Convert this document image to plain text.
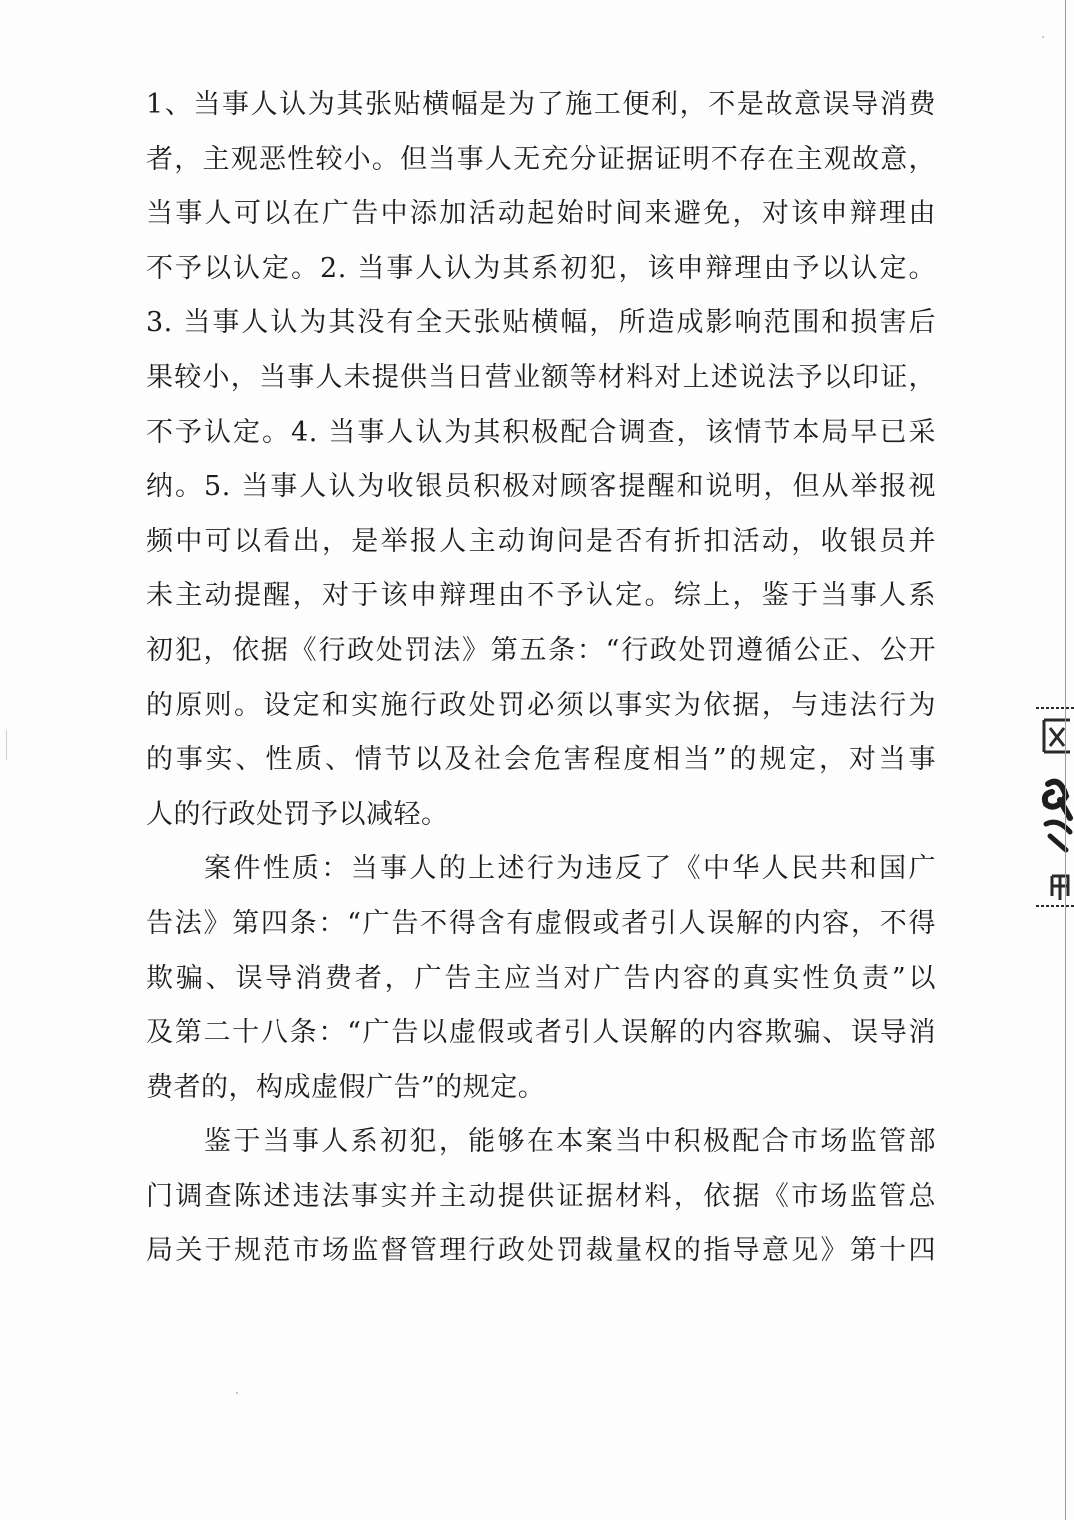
1、当事人认为其张贴横幅是为了施工便利，不是故意误导消费
者，主观恶性较小。但当事人无充分证据证明不存在主观故意，
当事人可以在广告中添加活动起始时间来避免，对该申辩理由
不予以认定。2. 当事人认为其系初犯，该申辩理由予以认定。
3. 当事人认为其没有全天张贴横幅，所造成影响范围和损害后
果较小，当事人未提供当日营业额等材料对上述说法予以印证，
不予认定。4. 当事人认为其积极配合调查，该情节本局早已采
纳。5. 当事人认为收银员积极对顾客提醒和说明，但从举报视
频中可以看出，是举报人主动询问是否有折扣活动，收银员并
未主动提醒，对于该申辩理由不予认定。综上，鉴于当事人系
初犯，依据《行政处罚法》第五条：“行政处罚遵循公正、公开
的原则。设定和实施行政处罚必须以事实为依据，与违法行为
的事实、性质、情节以及社会危害程度相当”的规定，对当事
人的行政处罚予以减轻。
案件性质：当事人的上述行为违反了《中华人民共和国广
告法》第四条：“广告不得含有虚假或者引人误解的内容，不得
欺骗、误导消费者，广告主应当对广告内容的真实性负责”以
及第二十八条：“广告以虚假或者引人误解的内容欺骗、误导消
费者的，构成虚假广告”的规定。
鉴于当事人系初犯，能够在本案当中积极配合市场监管部
门调查陈述违法事实并主动提供证据材料，依据《市场监管总
局关于规范市场监督管理行政处罚裁量权的指导意见》第十四
